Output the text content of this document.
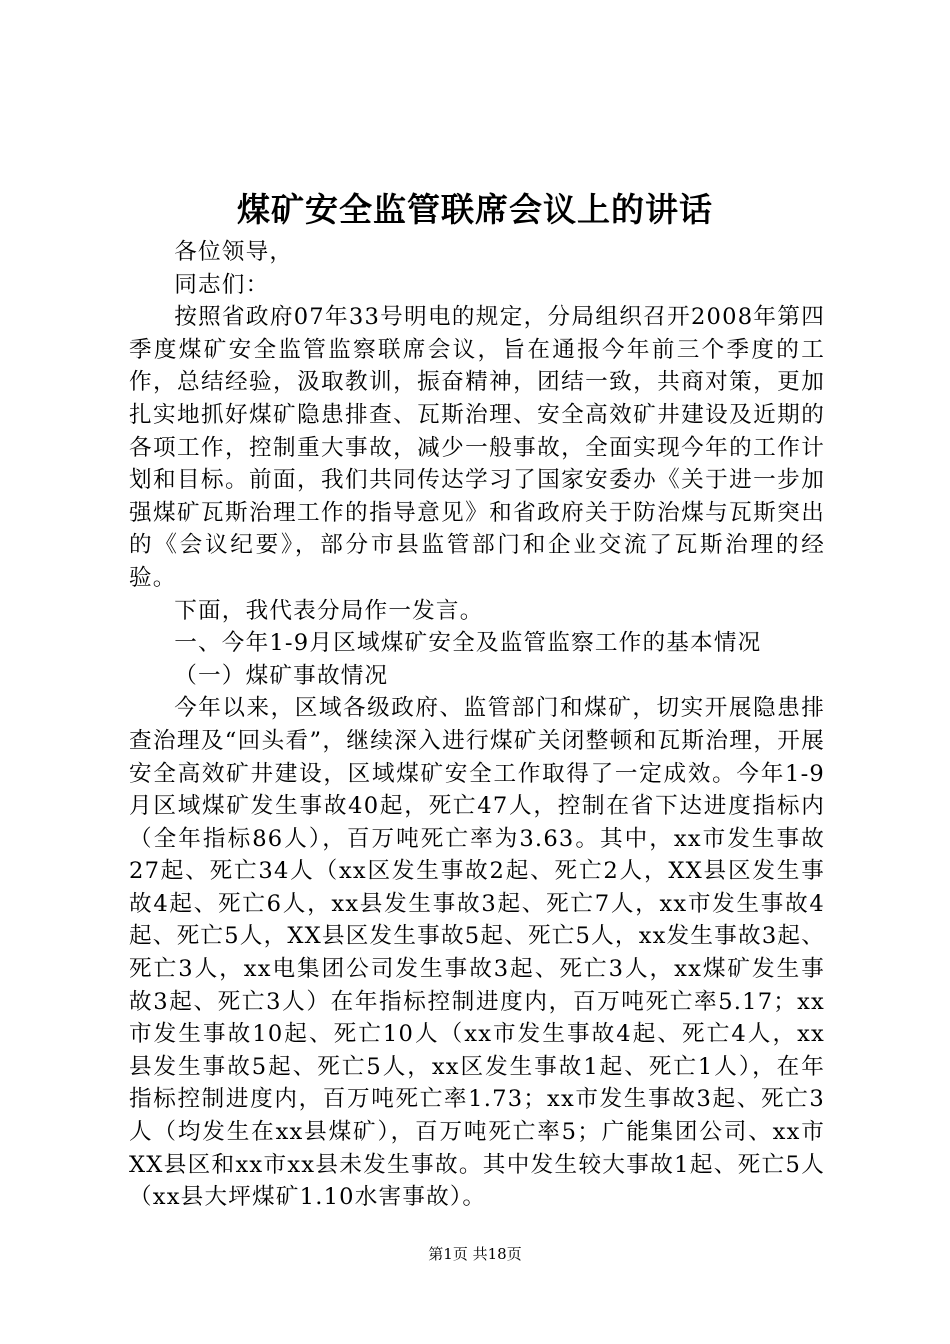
煤矿安全监管联席会议上的讲话

各位领导，

同志们：

按照省政府07年33号明电的规定，分局组织召开2008年第四季度煤矿安全监管监察联席会议，旨在通报今年前三个季度的工作，总结经验，汲取教训，振奋精神，团结一致，共商对策，更加扎实地抓好煤矿隐患排查、瓦斯治理、安全高效矿井建设及近期的各项工作，控制重大事故，减少一般事故，全面实现今年的工作计划和目标。前面，我们共同传达学习了国家安委办《关于进一步加强煤矿瓦斯治理工作的指导意见》和省政府关于防治煤与瓦斯突出的《会议纪要》，部分市县监管部门和企业交流了瓦斯治理的经验。

下面，我代表分局作一发言。

一、今年1-9月区域煤矿安全及监管监察工作的基本情况

（一）煤矿事故情况

今年以来，区域各级政府、监管部门和煤矿，切实开展隐患排查治理及“回头看”，继续深入进行煤矿关闭整顿和瓦斯治理，开展安全高效矿井建设，区域煤矿安全工作取得了一定成效。今年1-9月区域煤矿发生事故40起，死亡47人，控制在省下达进度指标内（全年指标86人），百万吨死亡率为3.63。其中，xx市发生事故27起、死亡34人（xx区发生事故2起、死亡2人，XX县区发生事故4起、死亡6人，xx县发生事故3起、死亡7人，xx市发生事故4起、死亡5人，XX县区发生事故5起、死亡5人，xx发生事故3起、死亡3人，xx电集团公司发生事故3起、死亡3人，xx煤矿发生事故3起、死亡3人）在年指标控制进度内，百万吨死亡率5.17；xx市发生事故10起、死亡10人（xx市发生事故4起、死亡4人，xx县发生事故5起、死亡5人，xx区发生事故1起、死亡1人），在年指标控制进度内，百万吨死亡率1.73；xx市发生事故3起、死亡3人（均发生在xx县煤矿），百万吨死亡率5；广能集团公司、xx市XX县区和xx市xx县未发生事故。其中发生较大事故1起、死亡5人（xx县大坪煤矿1.10水害事故）。

第1页 共18页
